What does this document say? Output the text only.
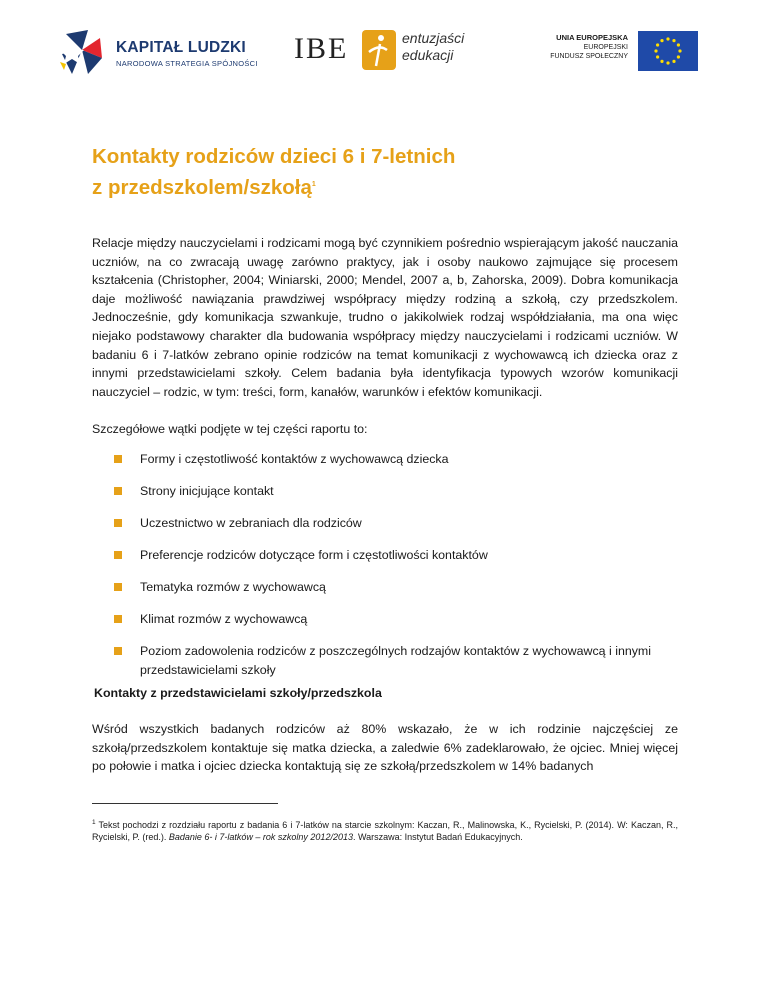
KAPITAŁ LUDZKI
NARODOWA STRATEGIA SPÓJNOŚCI IBE	entuzjaści
edukacji
UNIA EUROPEJSKA
EUROPEJSKI
FUNDUSZ SPOŁECZNY
Kontakty rodziców dzieci 6 i 7-letnich
z przedszkolem/szkołą$^1$

Relacje między nauczycielami i rodzicami mogą być czynnikiem pośrednio wspierającym jakość nauczania uczniów, na co zwracają uwagę zarówno praktycy, jak i osoby naukowo zajmujące się procesem kształcenia (Christopher, 2004; Winiarski, 2000; Mendel, 2007 a, b, Zahorska, 2009). Dobra komunikacja daje możliwość nawiązania prawdziwej współpracy między rodziną a szkołą, czy przedszkolem. Jednocześnie, gdy komunikacja szwankuje, trudno o jakikolwiek rodzaj współdziałania, ma ona więc niejako podstawowy charakter dla budowania współpracy między nauczycielami i rodzicami uczniów. W badaniu 6 i 7-latków zebrano opinie rodziców na temat komunikacji z wychowawcą ich dziecka oraz z innymi przedstawicielami szkoły. Celem badania była identyfikacja typowych wzorów komunikacji nauczyciel – rodzic, w tym: treści, form, kanałów, warunków i efektów komunikacji.

Szczegółowe wątki podjęte w tej części raportu to:

Formy i częstotliwość kontaktów z wychowawcą dziecka
Strony inicjujące kontakt
Uczestnictwo w zebraniach dla rodziców
Preferencje rodziców dotyczące form i częstotliwości kontaktów
Tematyka rozmów z wychowawcą
Klimat rozmów z wychowawcą
Poziom zadowolenia rodziców z poszczególnych rodzajów kontaktów z wychowawcą i innymi przedstawicielami szkoły

Kontakty z przedstawicielami szkoły/przedszkola

Wśród wszystkich badanych rodziców aż 80% wskazało, że w ich rodzinie najczęściej ze szkołą/przedszkolem kontaktuje się matka dziecka, a zaledwie 6% zadeklarowało, że ojciec. Mniej więcej po połowie i matka i ojciec dziecka kontaktują się ze szkołą/przedszkolem w 14% badanych

$^1$ Tekst pochodzi z rozdziału raportu z badania 6 i 7-latków na starcie szkolnym: Kaczan, R., Malinowska, K., Rycielski, P. (2014). W: Kaczan, R., Rycielski, P. (red.). Badanie 6- i 7-latków – rok szkolny 2012/2013. Warszawa: Instytut Badań Edukacyjnych.
